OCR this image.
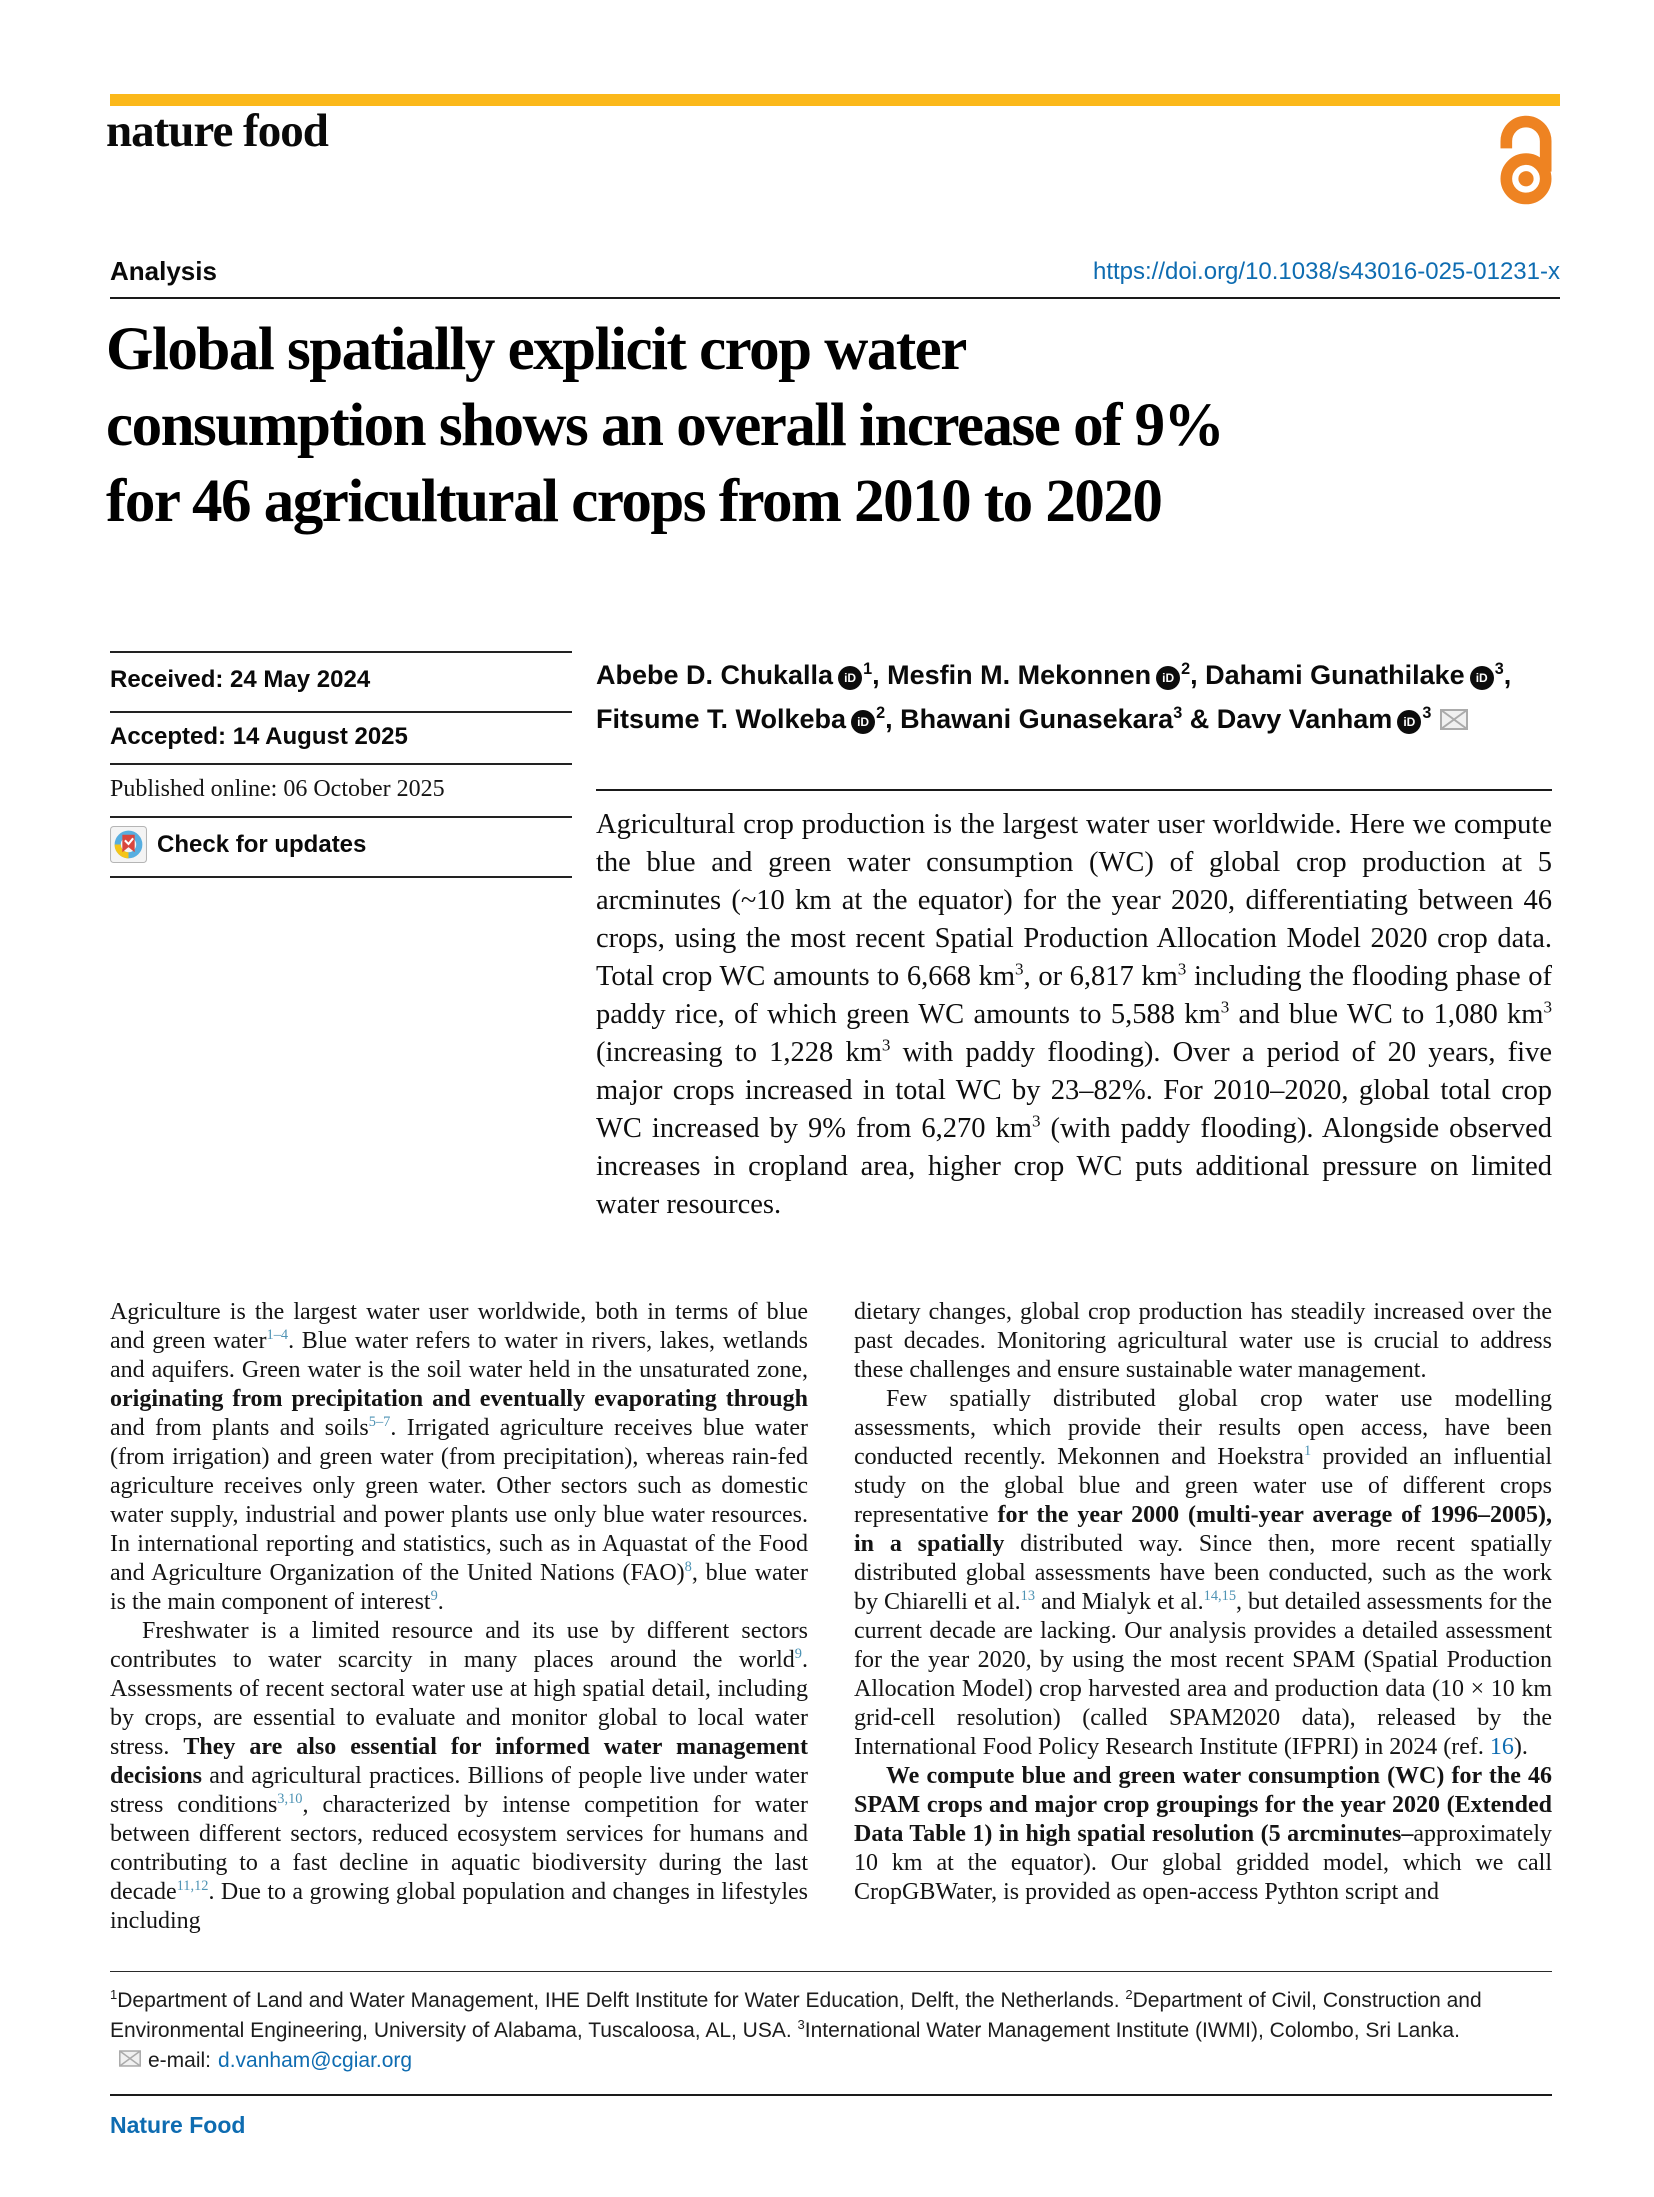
nature food
Analysis	https://doi.org/10.1038/s43016-025-01231-x
Global spatially explicit crop water
consumption shows an overall increase of 9%
for 46 agricultural crops from 2010 to 2020
Received: 24 May 2024
Accepted: 14 August 2025
Published online: 06 October 2025
Check for updates
Abebe D. Chukalla iD $^1$, Mesfin M. Mekonnen iD $^2$, Dahami Gunathilake iD $^3$,
Fitsume T. Wolkeba iD $^2$, Bhawani Gunasekara$^3$ & Davy Vanham iD $^3$
Agricultural crop production is the largest water user worldwide. Here we compute the blue and green water consumption (WC) of global crop production at 5 arcminutes (~10 km at the equator) for the year 2020, differentiating between 46 crops, using the most recent Spatial Production Allocation Model 2020 crop data. Total crop WC amounts to 6,668 $km^3$, or 6,817 $km^3$ including the flooding phase of paddy rice, of which green WC amounts to 5,588 $km^3$ and blue WC to 1,080 $km^3$ (increasing to 1,228 $km^3$ with paddy flooding). Over a period of 20 years, five major crops increased in total WC by 23–82%. For 2010–2020, global total crop WC increased by 9% from 6,270 $km^3$ (with paddy flooding). Alongside observed increases in cropland area, higher crop WC puts additional pressure on limited water resources.

Agriculture is the largest water user worldwide, both in terms of blue and green water$^{1-4}$. Blue water refers to water in rivers, lakes, wetlands and aquifers. Green water is the soil water held in the unsaturated zone, originating from precipitation and eventually evaporating through and from plants and soils$^{5-7}$. Irrigated agriculture receives blue water (from irrigation) and green water (from precipitation), whereas rain-fed agriculture receives only green water. Other sectors such as domestic water supply, industrial and power plants use only blue water resources. In international reporting and statistics, such as in Aquastat of the Food and Agriculture Organization of the United Nations (FAO)$^8$, blue water is the main component of interest$^9$.

Freshwater is a limited resource and its use by different sectors contributes to water scarcity in many places around the world$^9$. Assessments of recent sectoral water use at high spatial detail, including by crops, are essential to evaluate and monitor global to local water stress. They are also essential for informed water management decisions and agricultural practices. Billions of people live under water stress conditions$^{3,10}$, characterized by intense competition for water between different sectors, reduced ecosystem services for humans and contributing to a fast decline in aquatic biodiversity during the last decade$^{11,12}$. Due to a growing global population and changes in lifestyles including

dietary changes, global crop production has steadily increased over the past decades. Monitoring agricultural water use is crucial to address these challenges and ensure sustainable water management.

Few spatially distributed global crop water use modelling assessments, which provide their results open access, have been conducted recently. Mekonnen and Hoekstra$^1$ provided an influential study on the global blue and green water use of different crops representative for the year 2000 (multi-year average of 1996–2005), in a spatially distributed way. Since then, more recent spatially distributed global assessments have been conducted, such as the work by Chiarelli et al.$^{13}$ and Mialyk et al.$^{14,15}$, but detailed assessments for the current decade are lacking. Our analysis provides a detailed assessment for the year 2020, by using the most recent SPAM (Spatial Production Allocation Model) crop harvested area and production data (10 × 10 km grid-cell resolution) (called SPAM2020 data), released by the International Food Policy Research Institute (IFPRI) in 2024 (ref. 16).

We compute blue and green water consumption (WC) for the 46 SPAM crops and major crop groupings for the year 2020 (Extended Data Table 1) in high spatial resolution (5 arcminutes–approximately 10 km at the equator). Our global gridded model, which we call CropGBWater, is provided as open-access Pythton script and

$^1$Department of Land and Water Management, IHE Delft Institute for Water Education, Delft, the Netherlands. $^2$Department of Civil, Construction and Environmental Engineering, University of Alabama, Tuscaloosa, AL, USA. $^3$International Water Management Institute (IWMI), Colombo, Sri Lanka.
e-mail: d.vanham@cgiar.org
Nature Food
